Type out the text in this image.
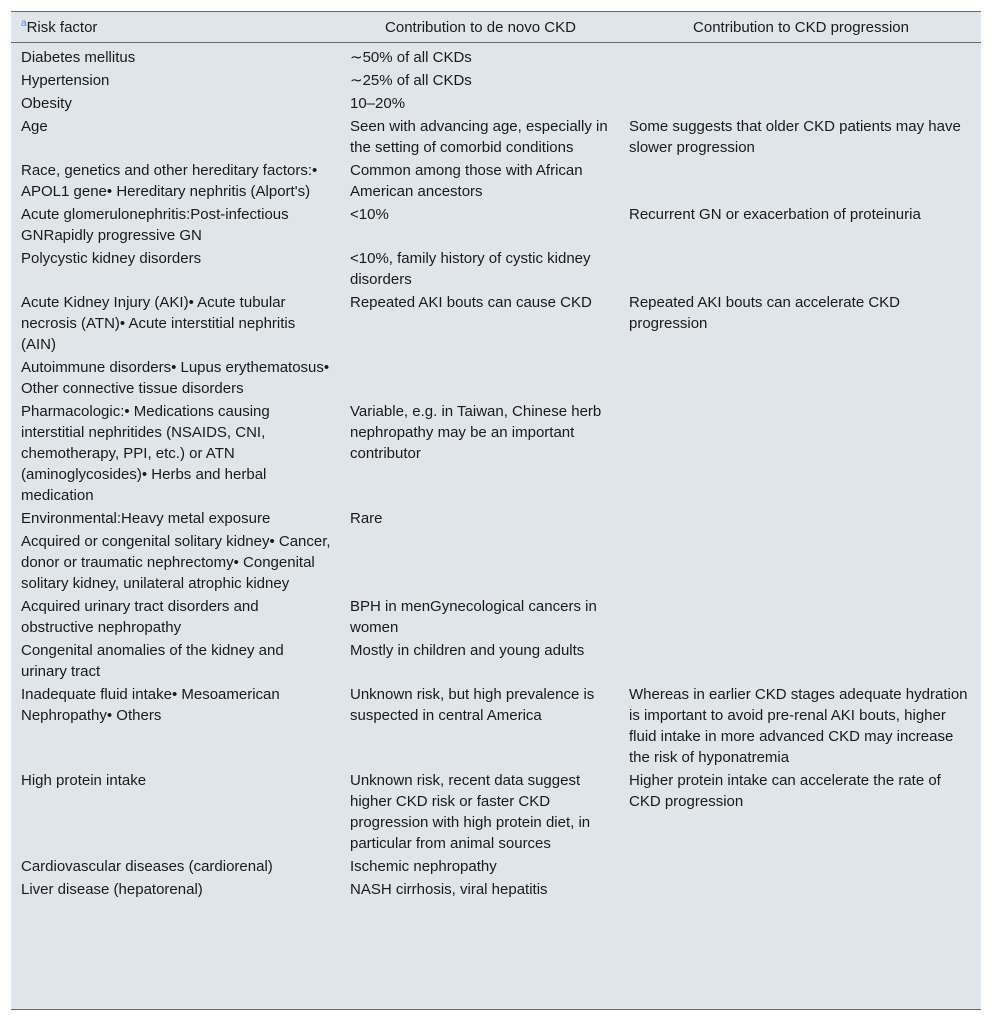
$^a$Risk factor	Contribution to de novo CKD	Contribution to CKD progression
Diabetes mellitus	∼50% of all CKDs	
Hypertension	∼25% of all CKDs	
Obesity	10–20%	
Age	Seen with advancing age, especially in the setting of comorbid conditions	Some suggests that older CKD patients may have slower progression
Race, genetics and other hereditary factors:• APOL1 gene• Hereditary nephritis (Alport's)	Common among those with African American ancestors	
Acute glomerulonephritis:Post-infectious GNRapidly progressive GN	<10%	Recurrent GN or exacerbation of proteinuria
Polycystic kidney disorders	<10%, family history of cystic kidney disorders	
Acute Kidney Injury (AKI)• Acute tubular necrosis (ATN)• Acute interstitial nephritis (AIN)	Repeated AKI bouts can cause CKD	Repeated AKI bouts can accelerate CKD progression
Autoimmune disorders• Lupus erythematosus• Other connective tissue disorders		
Pharmacologic:• Medications causing interstitial nephritides (NSAIDS, CNI, chemotherapy, PPI, etc.) or ATN (aminoglycosides)• Herbs and herbal medication	Variable, e.g. in Taiwan, Chinese herb nephropathy may be an important contributor	
Environmental:Heavy metal exposure	Rare	
Acquired or congenital solitary kidney• Cancer, donor or traumatic nephrectomy• Congenital solitary kidney, unilateral atrophic kidney		
Acquired urinary tract disorders and obstructive nephropathy	BPH in menGynecological cancers in women	
Congenital anomalies of the kidney and urinary tract	Mostly in children and young adults	
Inadequate fluid intake• Mesoamerican Nephropathy• Others	Unknown risk, but high prevalence is suspected in central America	Whereas in earlier CKD stages adequate hydration is important to avoid pre-renal AKI bouts, higher fluid intake in more advanced CKD may increase the risk of hyponatremia
High protein intake	Unknown risk, recent data suggest higher CKD risk or faster CKD progression with high protein diet, in particular from animal sources	Higher protein intake can accelerate the rate of CKD progression
Cardiovascular diseases (cardiorenal)	Ischemic nephropathy	
Liver disease (hepatorenal)	NASH cirrhosis, viral hepatitis	
